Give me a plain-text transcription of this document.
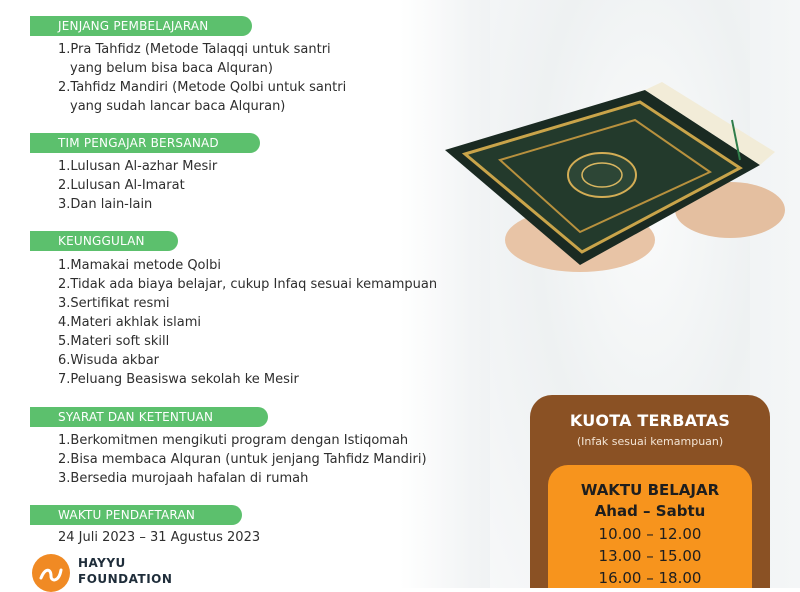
JENJANG PEMBELAJARAN
1.Pra Tahfidz (Metode Talaqqi untuk santri
yang belum bisa baca Alquran)
2.Tahfidz Mandiri (Metode Qolbi untuk santri
yang sudah lancar baca Alquran)
TIM PENGAJAR BERSANAD
1.Lulusan Al-azhar Mesir
2.Lulusan Al-Imarat
3.Dan lain-lain
KEUNGGULAN
1.Mamakai metode Qolbi
2.Tidak ada biaya belajar, cukup Infaq sesuai kemampuan
3.Sertifikat resmi
4.Materi akhlak islami
5.Materi soft skill
6.Wisuda akbar
7.Peluang Beasiswa sekolah ke Mesir
SYARAT DAN KETENTUAN
1.Berkomitmen mengikuti program dengan Istiqomah
2.Bisa membaca Alquran (untuk jenjang Tahfidz Mandiri)
3.Bersedia murojaah hafalan di rumah
WAKTU PENDAFTARAN
24 Juli 2023 – 31 Agustus 2023
HAYYU
FOUNDATION
KUOTA TERBATAS
(Infak sesuai kemampuan)
WAKTU BELAJAR
Ahad – Sabtu
10.00 – 12.00
13.00 – 15.00
16.00 – 18.00
